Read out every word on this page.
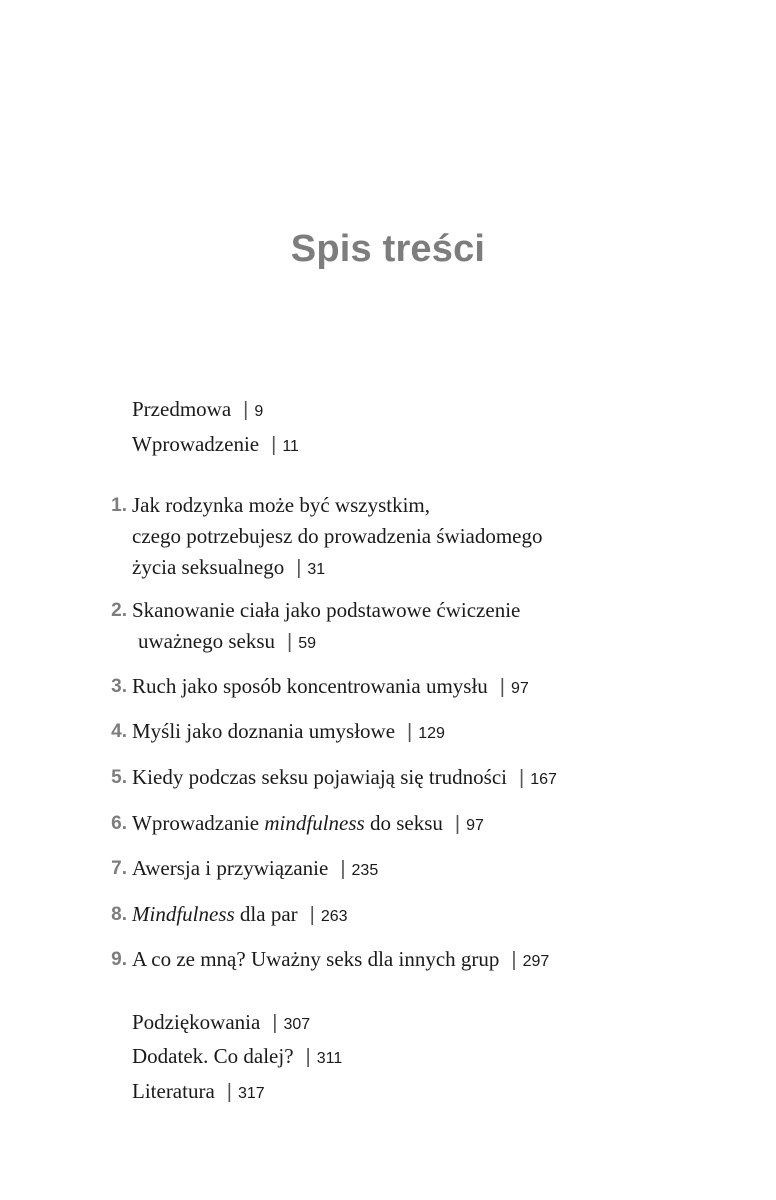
Spis treści
Przedmowa | 9
Wprowadzenie | 11
1. Jak rodzynka może być wszystkim,
czego potrzebujesz do prowadzenia świadomego
życia seksualnego | 31
2. Skanowanie ciała jako podstawowe ćwiczenie
uważnego seksu | 59
3. Ruch jako sposób koncentrowania umysłu | 97
4. Myśli jako doznania umysłowe | 129
5. Kiedy podczas seksu pojawiają się trudności | 167
6. Wprowadzanie mindfulness do seksu | 97
7. Awersja i przywiązanie | 235
8. Mindfulness dla par | 263
9. A co ze mną? Uważny seks dla innych grup | 297
Podziękowania | 307
Dodatek. Co dalej? | 311
Literatura | 317
